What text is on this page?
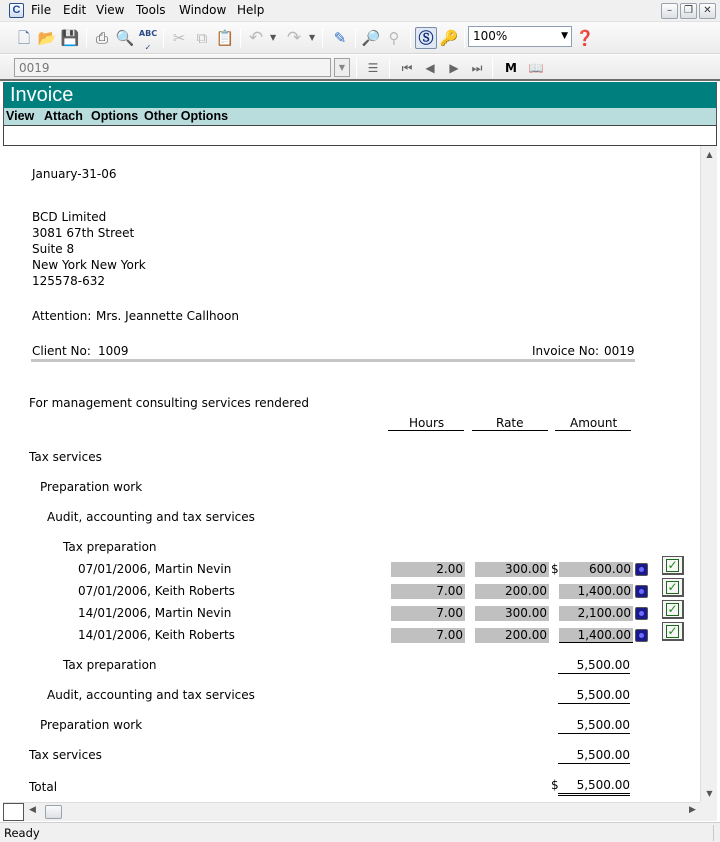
C File Edit View Tools Window Help	–	❐	✕
🗋 📂 💾	⎙ 🔍 ABC
✓
✂ ⧉ 📋 ↶ ▼ ↷ ▼	✎	🔎 ⚲	Ⓢ 🔑	❓
100%	▼
0019	▼	☰	⏮	◀	▶	⏭ M 📖
Invoice
View Attach Options Other Options
January-31-06
BCD Limited
3081 67th Street
Suite 8
New York New York
125578-632
Attention: Mrs. Jeannette Callhoon
Client No: 1009	Invoice No: 0019
For management consulting services rendered
Hours	Rate	Amount
Tax services
Preparation work
Audit, accounting and tax services
Tax preparation
07/01/2006, Martin Nevin	2.00	300.00 $	600.00	✓
07/01/2006, Keith Roberts	7.00	200.00	1,400.00	✓
14/01/2006, Martin Nevin	7.00	300.00	2,100.00	✓
14/01/2006, Keith Roberts	7.00	200.00	1,400.00	✓
Tax preparation	5,500.00
Audit, accounting and tax services	5,500.00
Preparation work	5,500.00
Tax services	5,500.00
Total	$	5,500.00
▲
▼
◀	▶
Ready
